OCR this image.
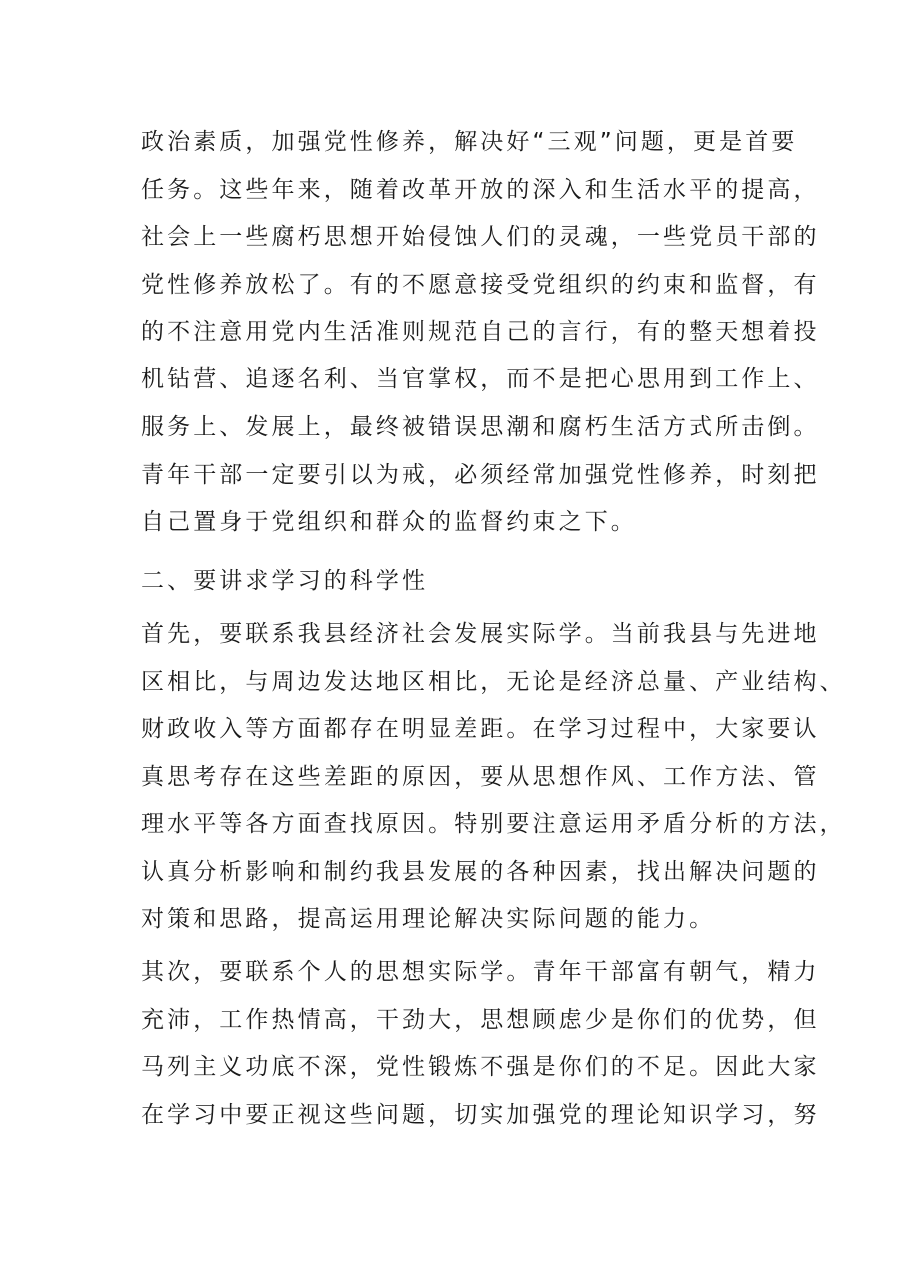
政治素质，加强党性修养，解决好“三观”问题，更是首要
任务。这些年来，随着改革开放的深入和生活水平的提高，
社会上一些腐朽思想开始侵蚀人们的灵魂，一些党员干部的
党性修养放松了。有的不愿意接受党组织的约束和监督，有
的不注意用党内生活准则规范自己的言行，有的整天想着投
机钻营、追逐名利、当官掌权，而不是把心思用到工作上、
服务上、发展上，最终被错误思潮和腐朽生活方式所击倒。
青年干部一定要引以为戒，必须经常加强党性修养，时刻把
自己置身于党组织和群众的监督约束之下。
二、要讲求学习的科学性
首先，要联系我县经济社会发展实际学。当前我县与先进地
区相比，与周边发达地区相比，无论是经济总量、产业结构、
财政收入等方面都存在明显差距。在学习过程中，大家要认
真思考存在这些差距的原因，要从思想作风、工作方法、管
理水平等各方面查找原因。特别要注意运用矛盾分析的方法，
认真分析影响和制约我县发展的各种因素，找出解决问题的
对策和思路，提高运用理论解决实际问题的能力。
其次，要联系个人的思想实际学。青年干部富有朝气，精力
充沛，工作热情高，干劲大，思想顾虑少是你们的优势，但
马列主义功底不深，党性锻炼不强是你们的不足。因此大家
在学习中要正视这些问题，切实加强党的理论知识学习，努
